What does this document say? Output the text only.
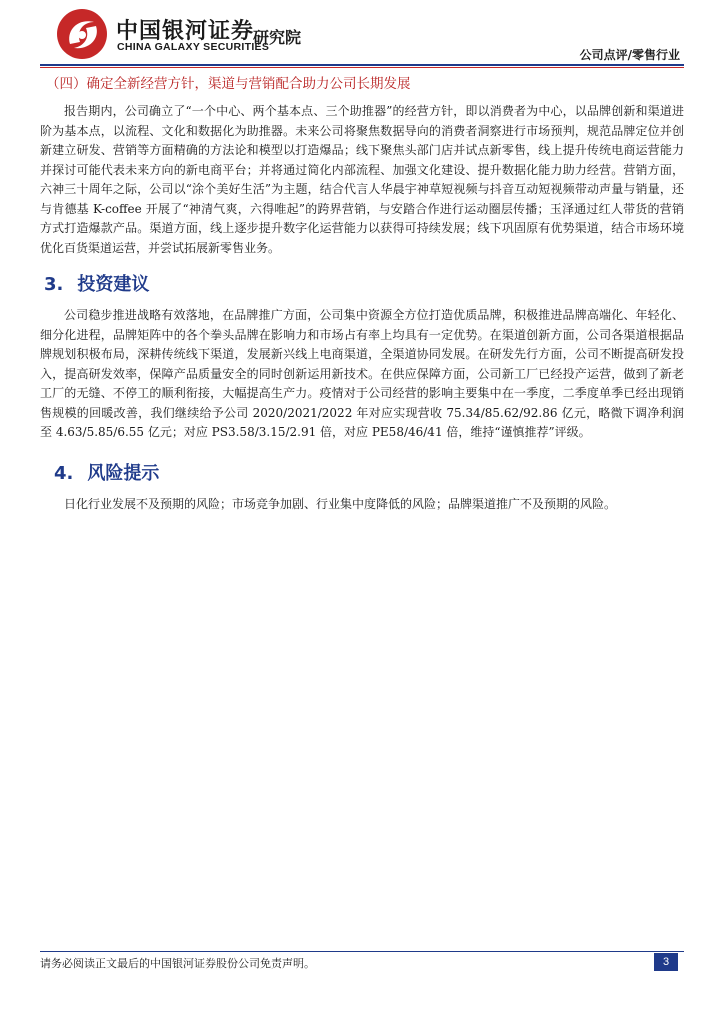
中国银河证券
CHINA GALAXY SECURITIES
研究院
公司点评/零售行业
（四）确定全新经营方针，渠道与营销配合助力公司长期发展

报告期内，公司确立了“一个中心、两个基本点、三个助推器”的经营方针，即以消费者为中心，以品牌创新和渠道进阶为基本点，以流程、文化和数据化为助推器。未来公司将聚焦数据导向的消费者洞察进行市场预判，规范品牌定位并创新建立研发、营销等方面精确的方法论和模型以打造爆品；线下聚焦头部门店并试点新零售，线上提升传统电商运营能力并探讨可能代表未来方向的新电商平台；并将通过简化内部流程、加强文化建设、提升数据化能力助力经营。营销方面，六神三十周年之际，公司以“涂个美好生活”为主题，结合代言人华晨宇神草短视频与抖音互动短视频带动声量与销量，还与肯德基 K-coffee 开展了“神清气爽，六得唯起”的跨界营销，与安踏合作进行运动圈层传播；玉泽通过红人带货的营销方式打造爆款产品。渠道方面，线上逐步提升数字化运营能力以获得可持续发展；线下巩固原有优势渠道，结合市场环境优化百货渠道运营，并尝试拓展新零售业务。

3. 投资建议

公司稳步推进战略有效落地，在品牌推广方面，公司集中资源全方位打造优质品牌，积极推进品牌高端化、年轻化、细分化进程，品牌矩阵中的各个拳头品牌在影响力和市场占有率上均具有一定优势。在渠道创新方面，公司各渠道根据品牌规划积极布局，深耕传统线下渠道，发展新兴线上电商渠道，全渠道协同发展。在研发先行方面，公司不断提高研发投入，提高研发效率，保障产品质量安全的同时创新运用新技术。在供应保障方面，公司新工厂已经投产运营，做到了新老工厂的无缝、不停工的顺利衔接，大幅提高生产力。疫情对于公司经营的影响主要集中在一季度，二季度单季已经出现销售规模的回暖改善，我们继续给予公司 2020/2021/2022 年对应实现营收 75.34/85.62/92.86 亿元，略微下调净利润至 4.63/5.85/6.55 亿元；对应 PS3.58/3.15/2.91 倍，对应 PE58/46/41 倍，维持“谨慎推荐”评级。

4. 风险提示

日化行业发展不及预期的风险；市场竞争加剧、行业集中度降低的风险；品牌渠道推广不及预期的风险。

请务必阅读正文最后的中国银河证券股份公司免责声明。	3
